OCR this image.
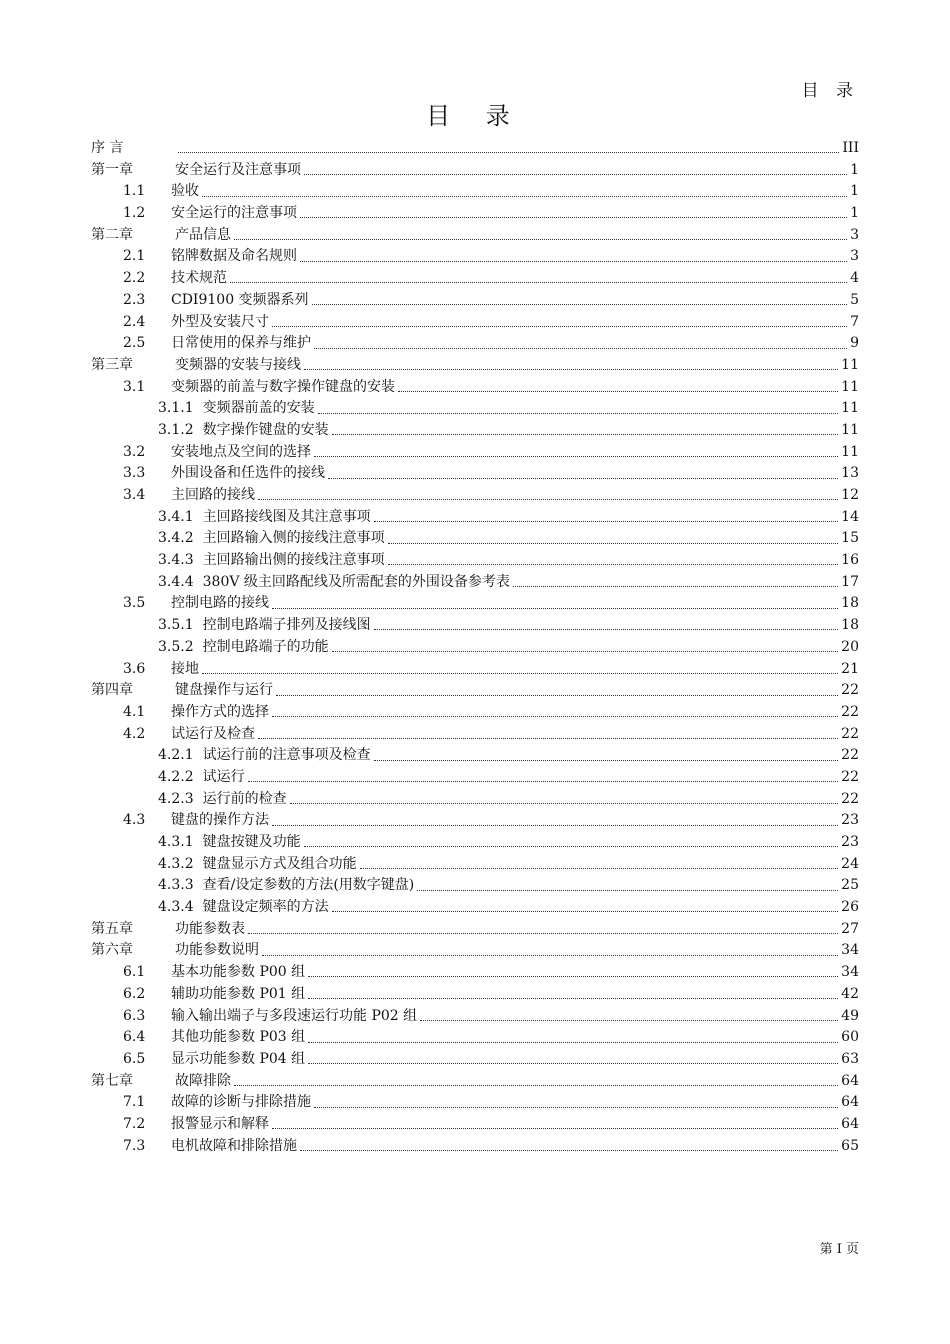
目 录
目 录
序 言	III
第一章	安全运行及注意事项	1
1.1	验收	1
1.2	安全运行的注意事项	1
第二章	产品信息	3
2.1	铭牌数据及命名规则	3
2.2	技术规范	4
2.3	CDI9100 变频器系列	5
2.4	外型及安装尺寸	7
2.5	日常使用的保养与维护	9
第三章	变频器的安装与接线	11
3.1	变频器的前盖与数字操作键盘的安装	11
3.1.1 变频器前盖的安装	11
3.1.2 数字操作键盘的安装	11
3.2	安装地点及空间的选择	11
3.3	外围设备和任选件的接线	13
3.4	主回路的接线	12
3.4.1 主回路接线图及其注意事项	14
3.4.2 主回路输入侧的接线注意事项	15
3.4.3 主回路输出侧的接线注意事项	16
3.4.4 380V 级主回路配线及所需配套的外围设备参考表	17
3.5	控制电路的接线	18
3.5.1 控制电路端子排列及接线图	18
3.5.2 控制电路端子的功能	20
3.6	接地	21
第四章	键盘操作与运行	22
4.1	操作方式的选择	22
4.2	试运行及检查	22
4.2.1 试运行前的注意事项及检查	22
4.2.2 试运行	22
4.2.3 运行前的检查	22
4.3	键盘的操作方法	23
4.3.1 键盘按键及功能	23
4.3.2 键盘显示方式及组合功能	24
4.3.3 查看/设定参数的方法(用数字键盘)	25
4.3.4 键盘设定频率的方法	26
第五章	功能参数表	27
第六章	功能参数说明	34
6.1	基本功能参数 P00 组	34
6.2	辅助功能参数 P01 组	42
6.3	输入输出端子与多段速运行功能 P02 组	49
6.4	其他功能参数 P03 组	60
6.5	显示功能参数 P04 组	63
第七章	故障排除	64
7.1	故障的诊断与排除措施	64
7.2	报警显示和解释	64
7.3	电机故障和排除措施	65
第 I 页
